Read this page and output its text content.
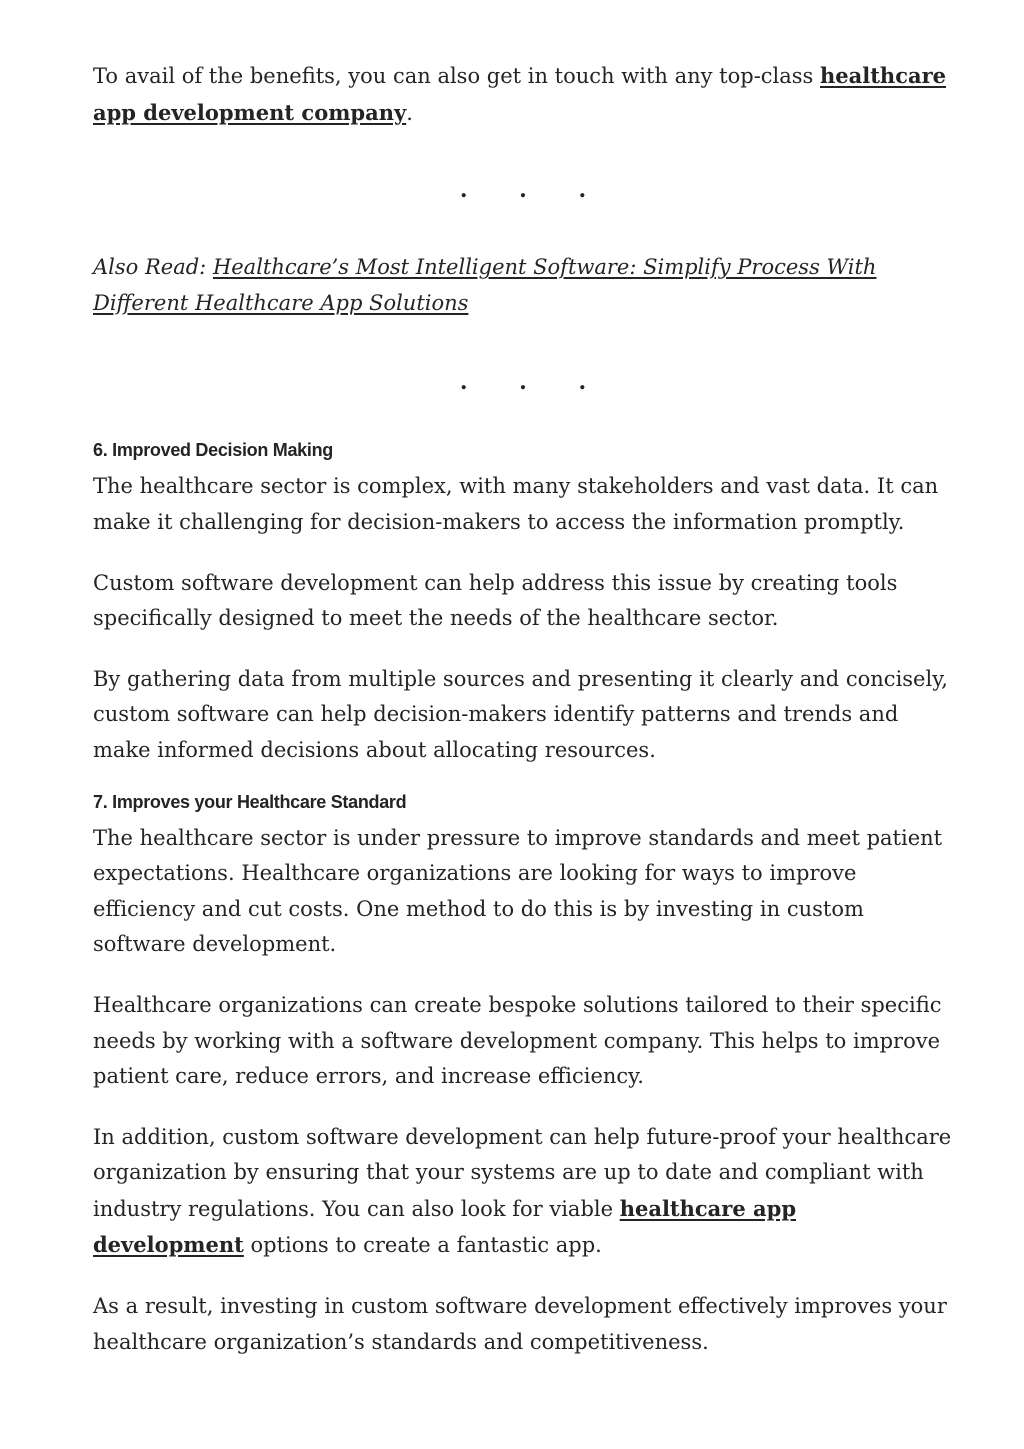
To avail of the benefits, you can also get in touch with any top-class healthcare app development company.

. . .

Also Read: Healthcare’s Most Intelligent Software: Simplify Process With Different Healthcare App Solutions

. . .
6. Improved Decision Making

The healthcare sector is complex, with many stakeholders and vast data. It can make it challenging for decision-makers to access the information promptly.

Custom software development can help address this issue by creating tools specifically designed to meet the needs of the healthcare sector.

By gathering data from multiple sources and presenting it clearly and concisely, custom software can help decision-makers identify patterns and trends and make informed decisions about allocating resources.

7. Improves your Healthcare Standard

The healthcare sector is under pressure to improve standards and meet patient expectations. Healthcare organizations are looking for ways to improve efficiency and cut costs. One method to do this is by investing in custom software development.

Healthcare organizations can create bespoke solutions tailored to their specific needs by working with a software development company. This helps to improve patient care, reduce errors, and increase efficiency.

In addition, custom software development can help future-proof your healthcare organization by ensuring that your systems are up to date and compliant with industry regulations. You can also look for viable healthcare app development options to create a fantastic app.

As a result, investing in custom software development effectively improves your healthcare organization’s standards and competitiveness.
